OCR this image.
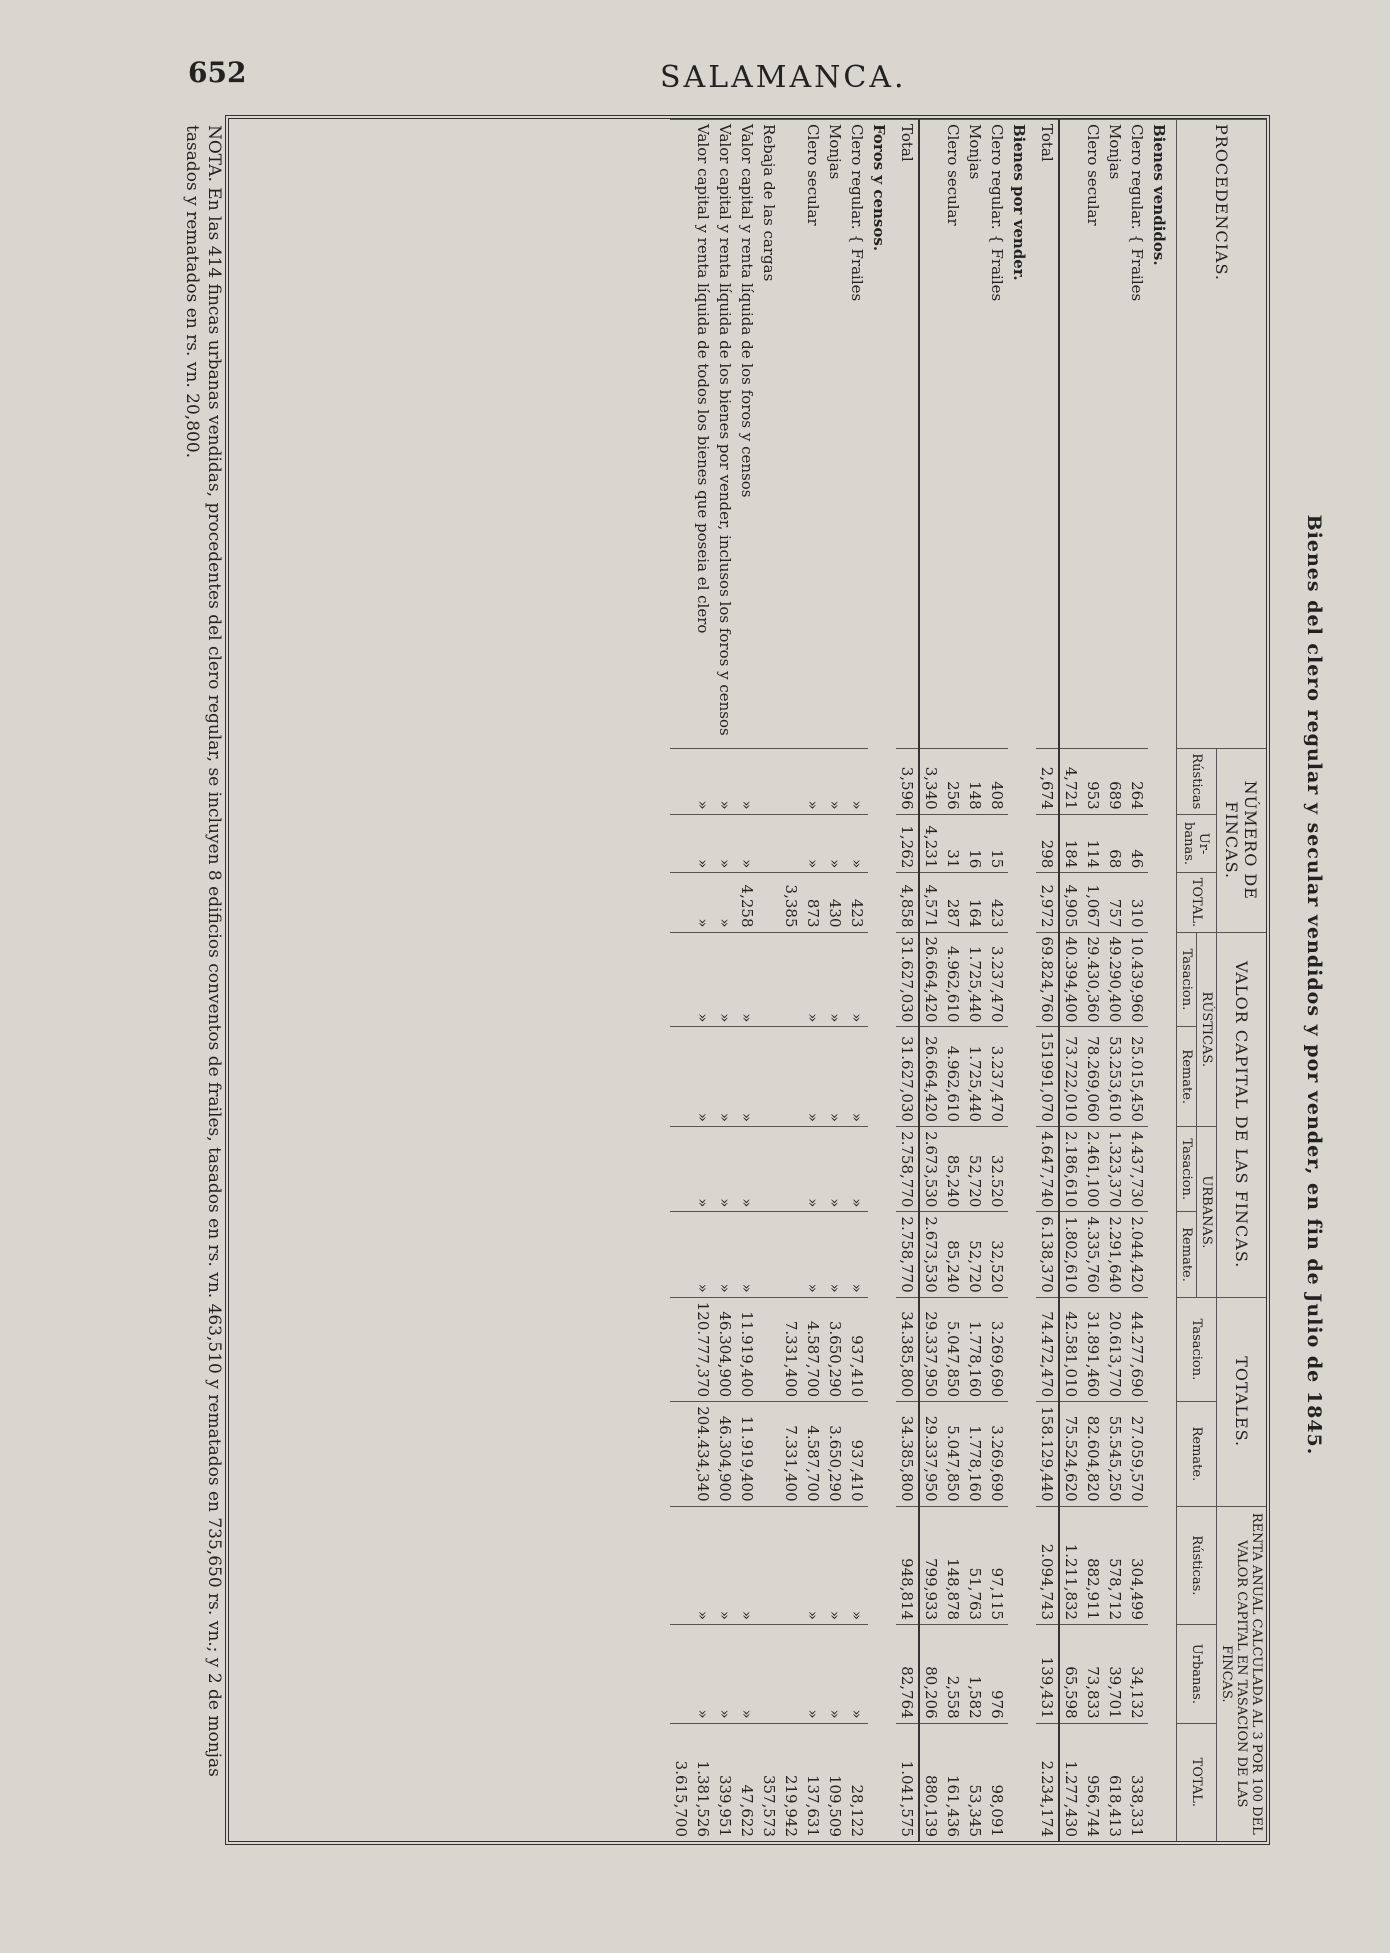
652	SALAMANCA.
Bienes del clero regular y secular vendidos y por vender, en fin de Julio de 1845.
PROCEDENCIAS.	NÚMERO DE FINCAS.			VALOR CAPITAL DE LAS FINCAS.				TOTALES.		RENTA ANUAL CALCULADA AL 3 POR 100 DEL VALOR CAPITAL EN TASACION DE LAS FINCAS.		
	Rústicas	Ur- banas.	TOTAL.	RÚSTICAS.		URBANAS.		Tasacion.	Remate.	Rústicas.	Urbanas.	TOTAL.
				Tasacion.	Remate.	Tasacion.	Remate.					
Bienes vendidos.												
Clero regular. { Frailes	264	46	310	10.439,960	25.015,450	4.437,730	2.044,420	44.277,690	27.059,570	304,499	34,132	338,331
Monjas	689	68	757	49.290,400	53.253,610	1.323,370	2.291,640	20.613,770	55.545,250	578,712	39,701	618,413
Clero secular	953	114	1,067	29.430,360	78.269,060	2.461,100	4.335,760	31.891,460	82.604,820	882,911	73,833	956,744
	4,721	184	4,905	40.394,400	73.722,010	2.186,610	1.802,610	42.581,010	75.524,620	1.211,832	65,598	1.277,430
Total	2,674	298	2,972	69.824,760	151991,070	4.647,740	6.138,370	74.472,470	158.129,440	2.094,743	139,431	2.234,174
Bienes por vender.												
Clero regular. { Frailes	408	15	423	3.237,470	3.237,470	32.520	32,520	3.269,690	3.269,690	97,115	976	98,091
Monjas	148	16	164	1.725,440	1.725,440	52,720	52,720	1.778,160	1.778,160	51,763	1,582	53,345
Clero secular	256	31	287	4.962,610	4.962,610	85,240	85,240	5.047,850	5.047,850	148,878	2,558	161,436
	3,340	4,231	4,571	26.664,420	26.664,420	2.673,530	2.673,530	29.337,950	29.337,950	799,933	80,206	880,139
Total	3,596	1,262	4,858	31.627,030	31.627,030	2.758,770	2.758,770	34.385,800	34.385,800	948,814	82,764	1.041,575
Foros y censos.												
Clero regular. { Frailes	»	»	423	»	»	»	»	937,410	937,410	»	»	28,122
Monjas	»	»	430	»	»	»	»	3.650,290	3.650,290	»	»	109,509
Clero secular	»	»	873	»	»	»	»	4.587,700	4.587,700	»	»	137,631
			3,385					7.331,400	7.331,400			219,942
Rebaja de las cargas												357,573
Valor capital y renta líquida de los foros y censos	»	»	4,258	»	»	»	»	11.919,400	11.919,400	»	»	47,622
Valor capital y renta líquida de los bienes por vender, inclusos los foros y censos	»	»	»	»	»	»	»	46.304,900	46.304,900	»	»	339,951
Valor capital y renta líquida de todos los bienes que poseia el clero	»	»	»	»	»	»	»	120.777,370	204.434,340	»	»	1.381,526
												3.615,700
NOTA. En las 414 fincas urbanas vendidas, procedentes del clero regular, se incluyen 8 edificios conventos de frailes, tasados en rs. vn. 463,510 y rematados en 735,650 rs. vn.; y 2 de monjas tasados y rematados en rs. vn. 20,800.
